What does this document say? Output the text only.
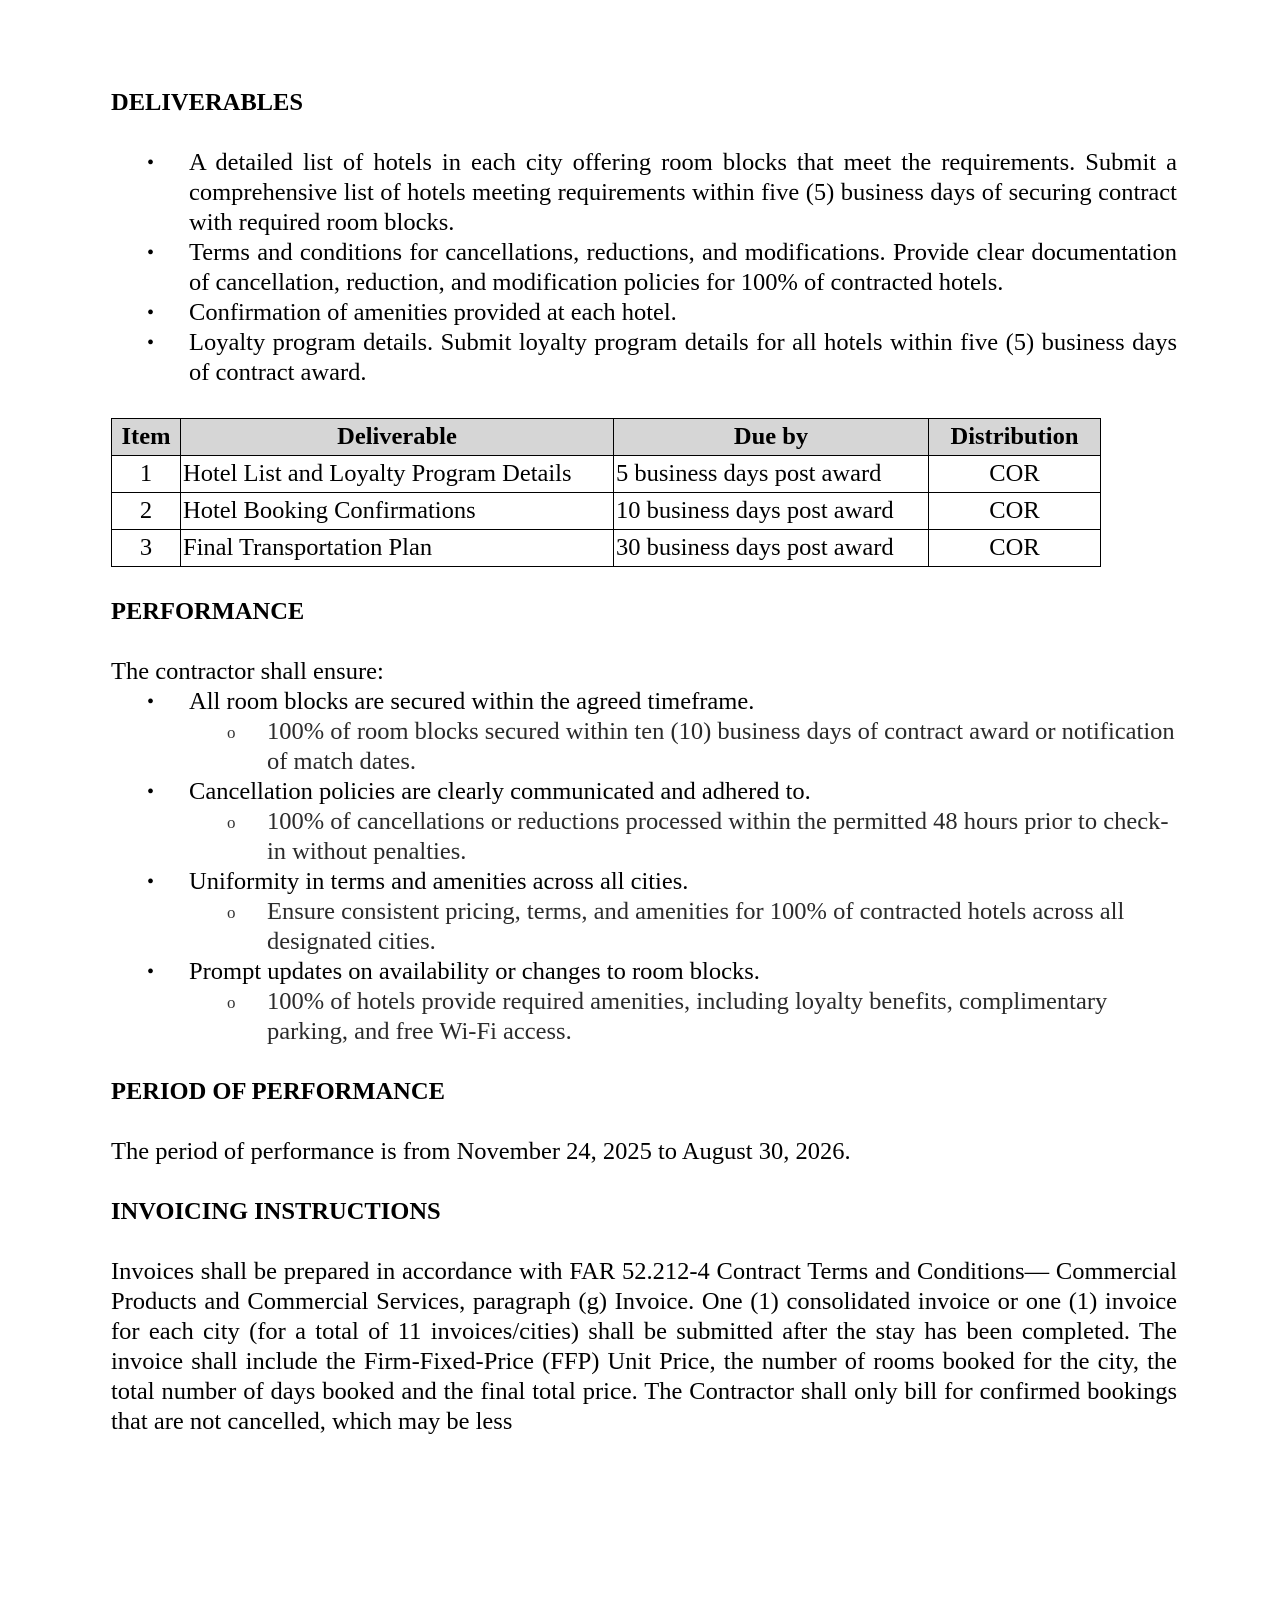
DELIVERABLES
• A detailed list of hotels in each city offering room blocks that meet the requirements. Submit a comprehensive list of hotels meeting requirements within five (5) business days of securing contract with required room blocks.
• Terms and conditions for cancellations, reductions, and modifications. Provide clear documentation of cancellation, reduction, and modification policies for 100% of contracted hotels.
• Confirmation of amenities provided at each hotel.
• Loyalty program details. Submit loyalty program details for all hotels within five (5) business days of contract award.
Item	Deliverable	Due by	Distribution
1	Hotel List and Loyalty Program Details	5 business days post award	COR
2	Hotel Booking Confirmations	10 business days post award	COR
3	Final Transportation Plan	30 business days post award	COR
PERFORMANCE

The contractor shall ensure:

• All room blocks are secured within the agreed timeframe.
o 100% of room blocks secured within ten (10) business days of contract award or notification of match dates.
• Cancellation policies are clearly communicated and adhered to.
o 100% of cancellations or reductions processed within the permitted 48 hours prior to check-in without penalties.
• Uniformity in terms and amenities across all cities.
o Ensure consistent pricing, terms, and amenities for 100% of contracted hotels across all designated cities.
• Prompt updates on availability or changes to room blocks.
o 100% of hotels provide required amenities, including loyalty benefits, complimentary parking, and free Wi-Fi access.
PERIOD OF PERFORMANCE

The period of performance is from November 24, 2025 to August 30, 2026.

INVOICING INSTRUCTIONS

Invoices shall be prepared in accordance with FAR 52.212-4 Contract Terms and Conditions— Commercial Products and Commercial Services, paragraph (g) Invoice. One (1) consolidated invoice or one (1) invoice for each city (for a total of 11 invoices/cities) shall be submitted after the stay has been completed. The invoice shall include the Firm-Fixed-Price (FFP) Unit Price, the number of rooms booked for the city, the total number of days booked and the final total price. The Contractor shall only bill for confirmed bookings that are not cancelled, which may be less
